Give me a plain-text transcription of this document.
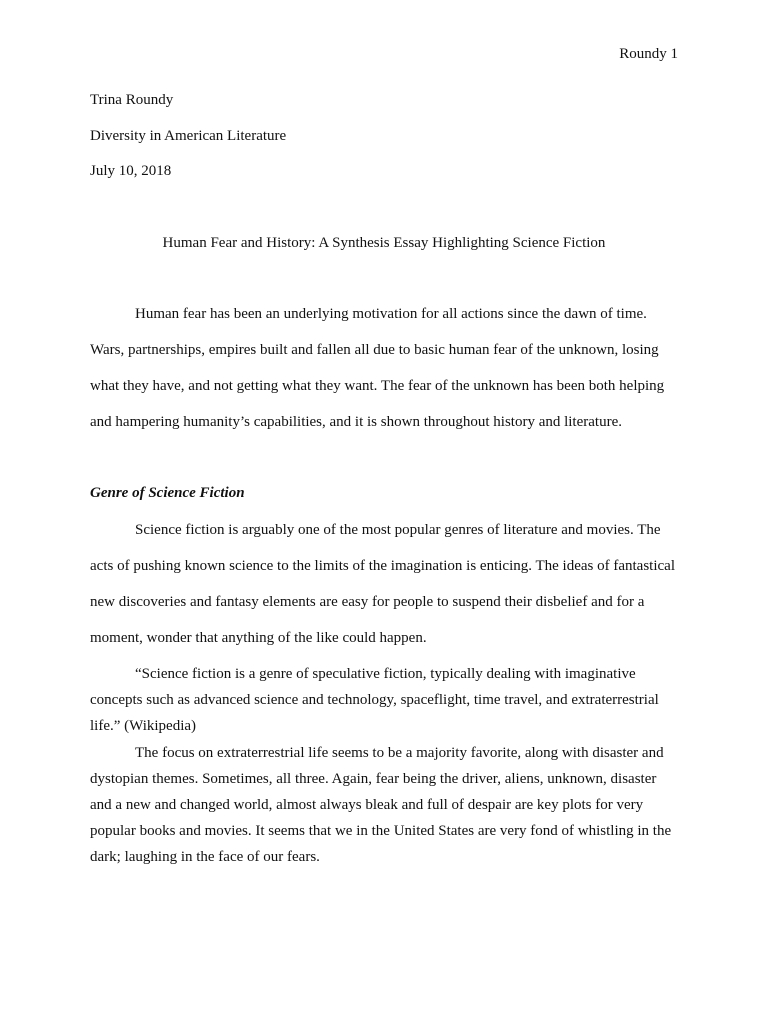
Roundy 1
Trina Roundy
Diversity in American Literature
July 10, 2018
Human Fear and History: A Synthesis Essay Highlighting Science Fiction

Human fear has been an underlying motivation for all actions since the dawn of time. Wars, partnerships, empires built and fallen all due to basic human fear of the unknown, losing what they have, and not getting what they want. The fear of the unknown has been both helping and hampering humanity’s capabilities, and it is shown throughout history and literature.

Genre of Science Fiction

Science fiction is arguably one of the most popular genres of literature and movies. The acts of pushing known science to the limits of the imagination is enticing. The ideas of fantastical new discoveries and fantasy elements are easy for people to suspend their disbelief and for a moment, wonder that anything of the like could happen.

“Science fiction is a genre of speculative fiction, typically dealing with imaginative concepts such as advanced science and technology, spaceflight, time travel, and extraterrestrial life.” (Wikipedia)

The focus on extraterrestrial life seems to be a majority favorite, along with disaster and dystopian themes. Sometimes, all three. Again, fear being the driver, aliens, unknown, disaster and a new and changed world, almost always bleak and full of despair are key plots for very popular books and movies. It seems that we in the United States are very fond of whistling in the dark; laughing in the face of our fears.
